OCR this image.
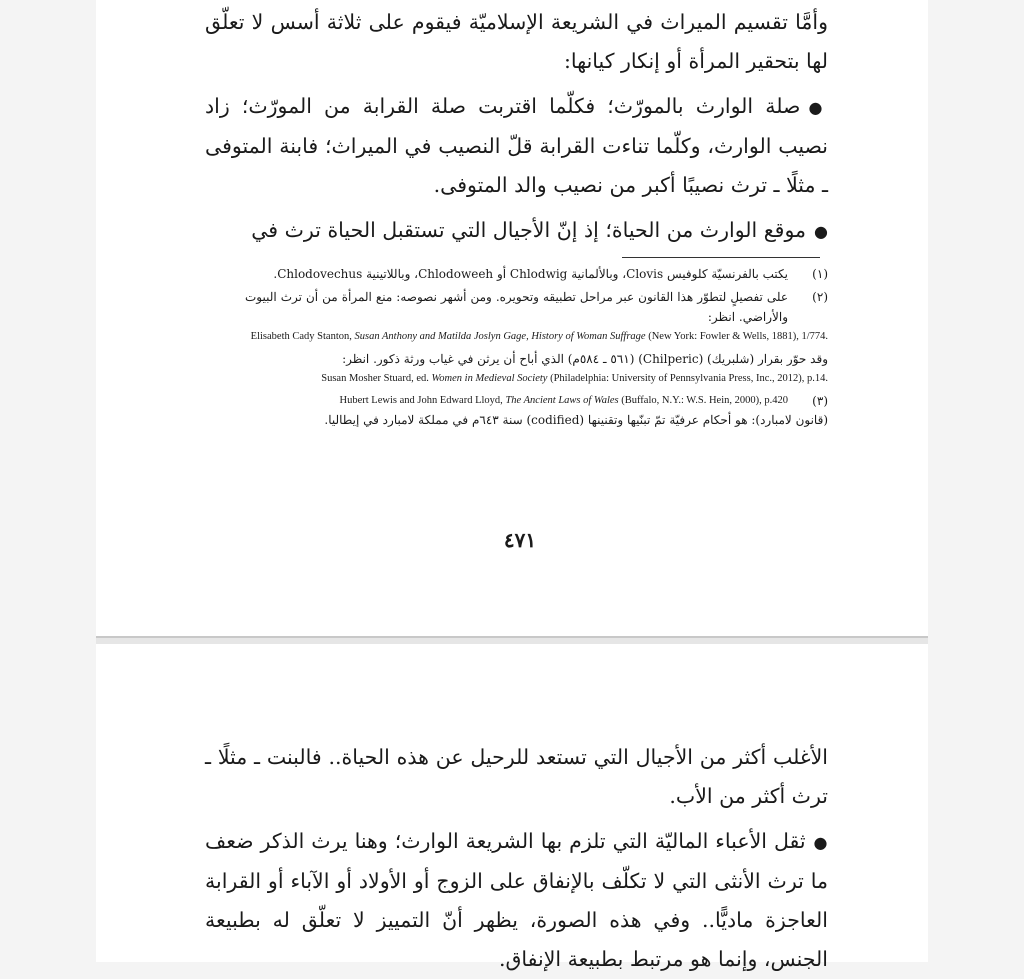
وأمَّا تقسيم الميراث في الشريعة الإسلاميّة فيقوم على ثلاثة أسس لا تعلّق لها بتحقير المرأة أو إنكار كيانها:

●صلة الوارث بالمورّث؛ فكلّما اقتربت صلة القرابة من المورّث؛ زاد نصيب الوارث، وكلّما تناءت القرابة قلّ النصيب في الميراث؛ فابنة المتوفى ـ مثلًا ـ ترث نصيبًا أكبر من نصيب والد المتوفى.

●موقع الوارث من الحياة؛ إذ إنّ الأجيال التي تستقبل الحياة ترث في

(١)
يكتب بالفرنسيّة كلوفيس Clovis، وبالألمانية Chlodwig أو Chlodoweeh، وباللاتينية Chlodovechus.
(٢)
على تفصيلٍ لتطوّر هذا القانون عبر مراحل تطبيقه وتحويره. ومن أشهر نصوصه: منع المرأة من أن ترث البيوت والأراضي. انظر:
Elisabeth Cady Stanton, Susan Anthony and Matilda Joslyn Gage, History of Woman Suffrage (New York: Fowler & Wells, 1881), 1/774.
وقد حوّر بقرار (شلبريك) (Chilperic) (٥٦١ ـ ٥٨٤م) الذي أباح أن يرثن في غياب ورثة ذكور. انظر:
Susan Mosher Stuard, ed. Women in Medieval Society (Philadelphia: University of Pennsylvania Press, Inc., 2012), p.14.
(٣)
Hubert Lewis and John Edward Lloyd, The Ancient Laws of Wales (Buffalo, N.Y.: W.S. Hein, 2000), p.420
(قانون لامبارد): هو أحكام عرفيّة تمّ تبنّيها وتقنينها (codified) سنة ٦٤٣م في مملكة لامبارد في إيطاليا.
٤٧١

الأغلب أكثر من الأجيال التي تستعد للرحيل عن هذه الحياة.. فالبنت ـ مثلًا ـ ترث أكثر من الأب.

●ثقل الأعباء الماليّة التي تلزم بها الشريعة الوارث؛ وهنا يرث الذكر ضعف ما ترث الأنثى التي لا تكلّف بالإنفاق على الزوج أو الأولاد أو الآباء أو القرابة العاجزة ماديًّا.. وفي هذه الصورة، يظهر أنّ التمييز لا تعلّق له بطبيعة الجنس، وإنما هو مرتبط بطبيعة الإنفاق.
